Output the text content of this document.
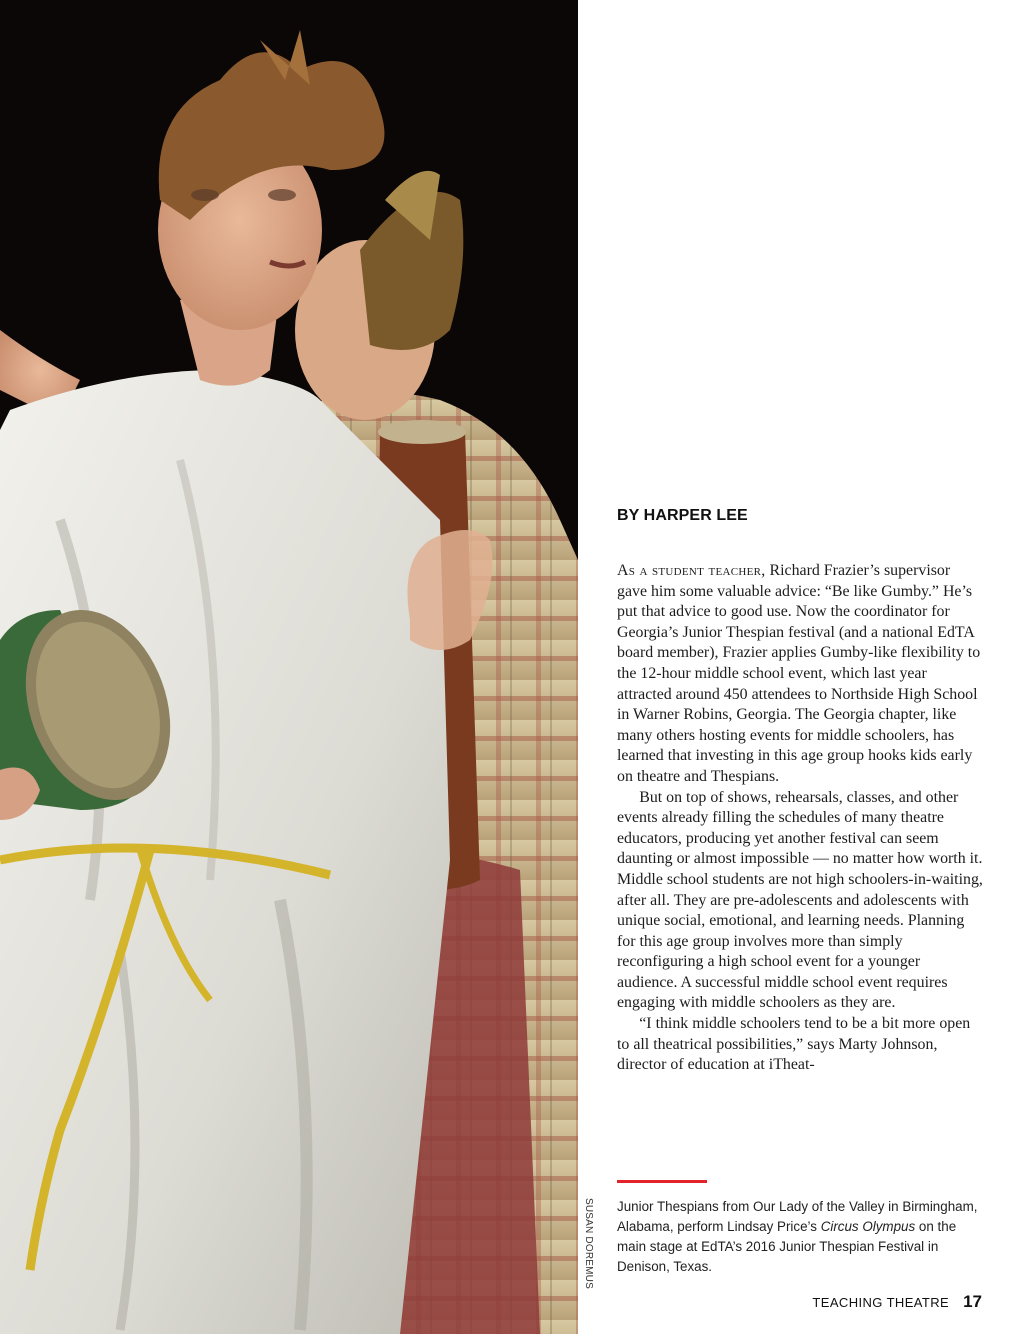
SUSAN DOREMUS
BY HARPER LEE

As a student teacher, Richard Frazier’s supervisor gave him some valuable advice: “Be like Gumby.” He’s put that advice to good use. Now the coordinator for Georgia’s Junior Thespian festival (and a national EdTA board member), Frazier applies Gumby-like flexibility to the 12-hour middle school event, which last year attracted around 450 attendees to Northside High School in Warner Robins, Georgia. The Georgia chapter, like many others hosting events for middle schoolers, has learned that investing in this age group hooks kids early on theatre and Thespians.

But on top of shows, rehearsals, classes, and other events already filling the schedules of many theatre educators, producing yet another festival can seem daunting or almost impossible — no matter how worth it. Middle school students are not high schoolers-in-waiting, after all. They are pre-adolescents and adolescents with unique social, emotional, and learning needs. Planning for this age group involves more than simply reconfiguring a high school event for a younger audience. A successful middle school event requires engaging with middle schoolers as they are.

“I think middle schoolers tend to be a bit more open to all theatrical possibilities,” says Marty Johnson, director of education at iTheat-

Junior Thespians from Our Lady of the Valley in Birmingham, Alabama, perform Lindsay Price’s Circus Olympus on the main stage at EdTA’s 2016 Junior Thespian Festival in Denison, Texas.
TEACHING THEATRE 17
